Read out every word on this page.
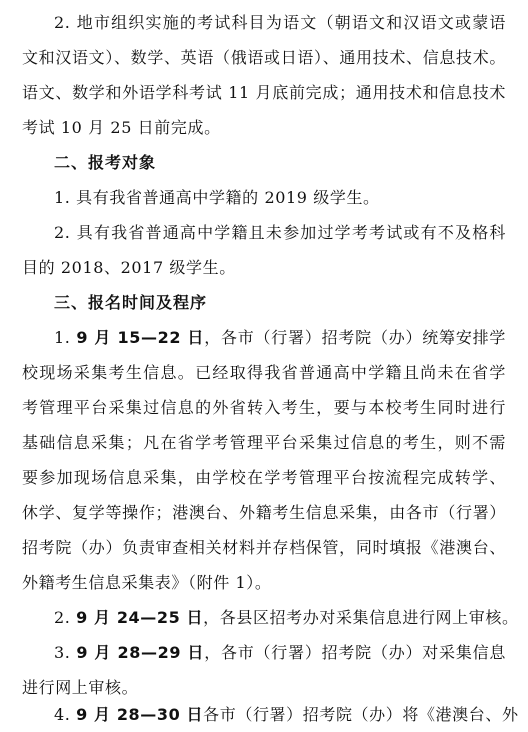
2. 地市组织实施的考试科目为语文（朝语文和汉语文或蒙语
文和汉语文）、数学、英语（俄语或日语）、通用技术、信息技术。
语文、数学和外语学科考试 11 月底前完成；通用技术和信息技术
考试 10 月 25 日前完成。
二、报考对象
1. 具有我省普通高中学籍的 2019 级学生。
2. 具有我省普通高中学籍且未参加过学考考试或有不及格科
目的 2018、2017 级学生。
三、报名时间及程序
1. 9 月 15—22 日，各市（行署）招考院（办）统筹安排学
校现场采集考生信息。已经取得我省普通高中学籍且尚未在省学
考管理平台采集过信息的外省转入考生，要与本校考生同时进行
基础信息采集；凡在省学考管理平台采集过信息的考生，则不需
要参加现场信息采集，由学校在学考管理平台按流程完成转学、
休学、复学等操作；港澳台、外籍考生信息采集，由各市（行署）
招考院（办）负责审查相关材料并存档保管，同时填报《港澳台、
外籍考生信息采集表》（附件 1）。
2. 9 月 24—25 日，各县区招考办对采集信息进行网上审核。
3. 9 月 28—29 日，各市（行署）招考院（办）对采集信息
进行网上审核。
4. 9 月 28—30 日各市（行署）招考院（办）将《港澳台、外
